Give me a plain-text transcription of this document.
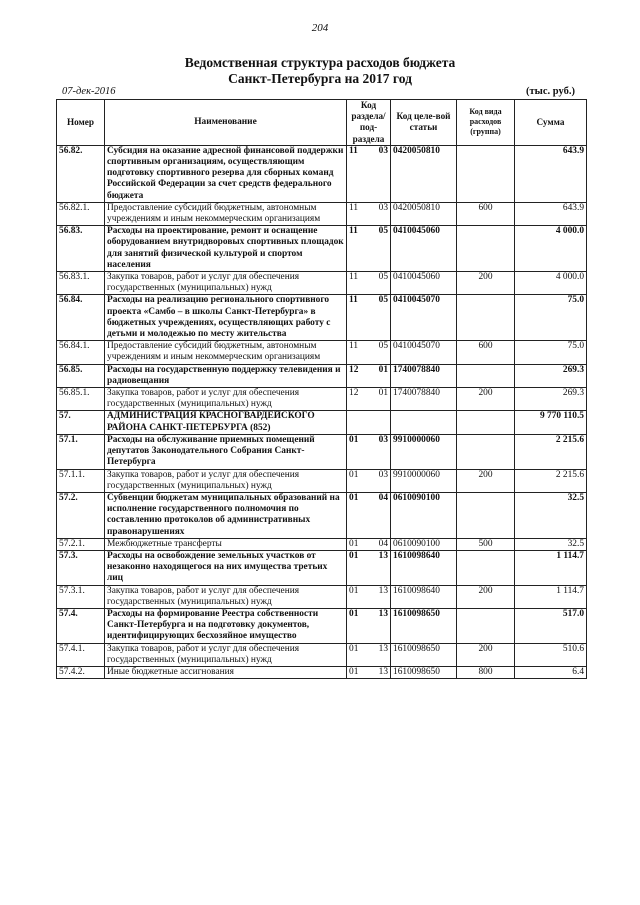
204
Ведомственная структура расходов бюджета
Санкт-Петербурга на 2017 год
07-дек-2016	(тыс. руб.)
Номер	Наименование	Код раздела/ под-раздела	Код целе-вой статьи	Код вида расходов (группа)	Сумма
56.82.	Субсидия на оказание адресной финансовой поддержки спортивным организациям, осуществляющим подготовку спортивного резерва для сборных команд Российской Федерации за счет средств федерального бюджета	11 03	0420050810		643.9
56.82.1.	Предоставление субсидий бюджетным, автономным учреждениям и иным некоммерческим организациям	11 03	0420050810	600	643.9
56.83.	Расходы на проектирование, ремонт и оснащение оборудованием внутридворовых спортивных площадок для занятий физической культурой и спортом населения	11 05	0410045060		4 000.0
56.83.1.	Закупка товаров, работ и услуг для обеспечения государственных (муниципальных) нужд	11 05	0410045060	200	4 000.0
56.84.	Расходы на реализацию регионального спортивного проекта «Самбо – в школы Санкт-Петербурга» в бюджетных учреждениях, осуществляющих работу с детьми и молодежью по месту жительства	11 05	0410045070		75.0
56.84.1.	Предоставление субсидий бюджетным, автономным учреждениям и иным некоммерческим организациям	11 05	0410045070	600	75.0
56.85.	Расходы на государственную поддержку телевидения и радиовещания	12 01	1740078840		269.3
56.85.1.	Закупка товаров, работ и услуг для обеспечения государственных (муниципальных) нужд	12 01	1740078840	200	269.3
57.	АДМИНИСТРАЦИЯ КРАСНОГВАРДЕЙСКОГО РАЙОНА САНКТ-ПЕТЕРБУРГА (852)				9 770 110.5
57.1.	Расходы на обслуживание приемных помещений депутатов Законодательного Собрания Санкт-Петербурга	01 03	9910000060		2 215.6
57.1.1.	Закупка товаров, работ и услуг для обеспечения государственных (муниципальных) нужд	01 03	9910000060	200	2 215.6
57.2.	Субвенции бюджетам муниципальных образований на исполнение государственного полномочия по составлению протоколов об административных правонарушениях	01 04	0610090100		32.5
57.2.1.	Межбюджетные трансферты	01 04	0610090100	500	32.5
57.3.	Расходы на освобождение земельных участков от незаконно находящегося на них имущества третьих лиц	01 13	1610098640		1 114.7
57.3.1.	Закупка товаров, работ и услуг для обеспечения государственных (муниципальных) нужд	01 13	1610098640	200	1 114.7
57.4.	Расходы на формирование Реестра собственности Санкт-Петербурга и на подготовку документов, идентифицирующих бесхозяйное имущество	01 13	1610098650		517.0
57.4.1.	Закупка товаров, работ и услуг для обеспечения государственных (муниципальных) нужд	01 13	1610098650	200	510.6
57.4.2.	Иные бюджетные ассигнования	01 13	1610098650	800	6.4
